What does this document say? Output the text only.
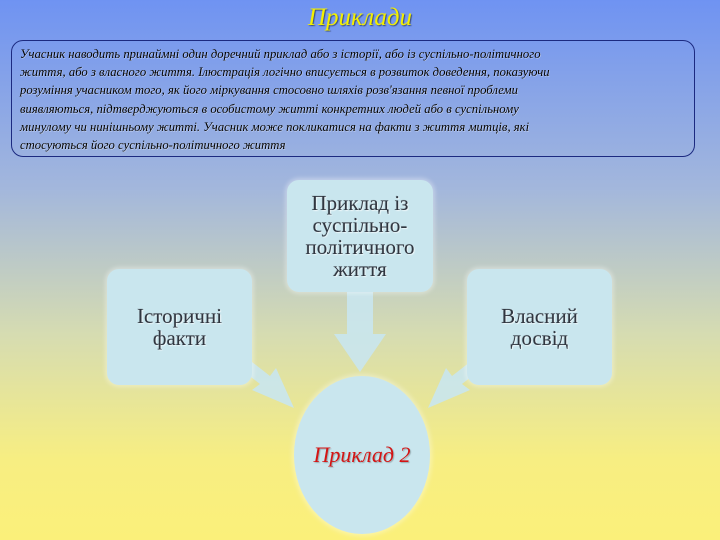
Приклади
Учасник наводить принаймні один доречний приклад або з історії, або із суспільно-політичного
життя, або з власного життя. Ілюстрація логічно вписується в розвиток доведення, показуючи
розуміння учасником того, як його міркування стосовно шляхів розв'язання певної проблеми
виявляються, підтверджуються в особистому житті конкретних людей або в суспільному
минулому чи нинішньому житті. Учасник може покликатися на факти з життя митців, які
стосуються його суспільно-політичного життя
Приклад із
суспільно-
політичного
життя
Історичні
факти
Власний
досвід
Приклад 2
